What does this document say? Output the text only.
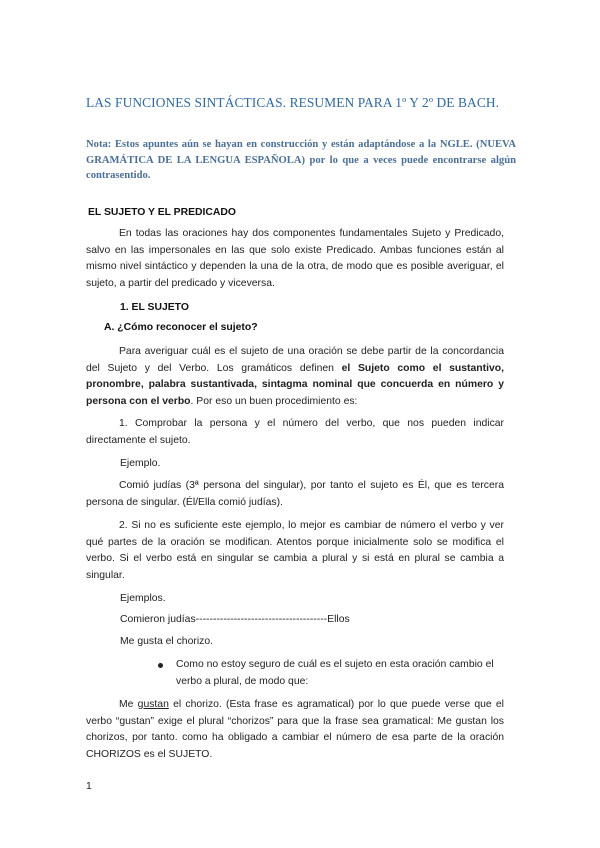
LAS FUNCIONES SINTÁCTICAS. RESUMEN PARA 1º Y 2º DE BACH.
Nota: Estos apuntes aún se hayan en construcción y están adaptándose a la NGLE. (NUEVA GRAMÁTICA DE LA LENGUA ESPAÑOLA) por lo que a veces puede encontrarse algún contrasentido.
EL SUJETO Y EL PREDICADO
En todas las oraciones hay dos componentes fundamentales Sujeto y Predicado, salvo en las impersonales en las que solo existe Predicado. Ambas funciones están al mismo nivel sintáctico y dependen la una de la otra, de modo que es posible averiguar, el sujeto, a partir del predicado y viceversa.
1. EL SUJETO
A. ¿Cómo reconocer el sujeto?
Para averiguar cuál es el sujeto de una oración se debe partir de la concordancia del Sujeto y del Verbo. Los gramáticos definen el Sujeto como el sustantivo, pronombre, palabra sustantivada, sintagma nominal que concuerda en número y persona con el verbo. Por eso un buen procedimiento es:
1. Comprobar la persona y el número del verbo, que nos pueden indicar directamente el sujeto.
Ejemplo.
Comió judías (3ª persona del singular), por tanto el sujeto es Él, que es tercera persona de singular. (Él/Ella comió judías).
2. Si no es suficiente este ejemplo, lo mejor es cambiar de número el verbo y ver qué partes de la oración se modifican. Atentos porque inicialmente solo se modifica el verbo. Si el verbo está en singular se cambia a plural y si está en plural se cambia a singular.
Ejemplos.
Comieron judías--------------------------------------Ellos
Me gusta el chorizo.
Como no estoy seguro de cuál es el sujeto en esta oración cambio el verbo a plural, de modo que:
Me gustan el chorizo. (Esta frase es agramatical) por lo que puede verse que el verbo “gustan” exige el plural “chorizos” para que la frase sea gramatical: Me gustan los chorizos, por tanto. como ha obligado a cambiar el número de esa parte de la oración CHORIZOS es el SUJETO.
1
